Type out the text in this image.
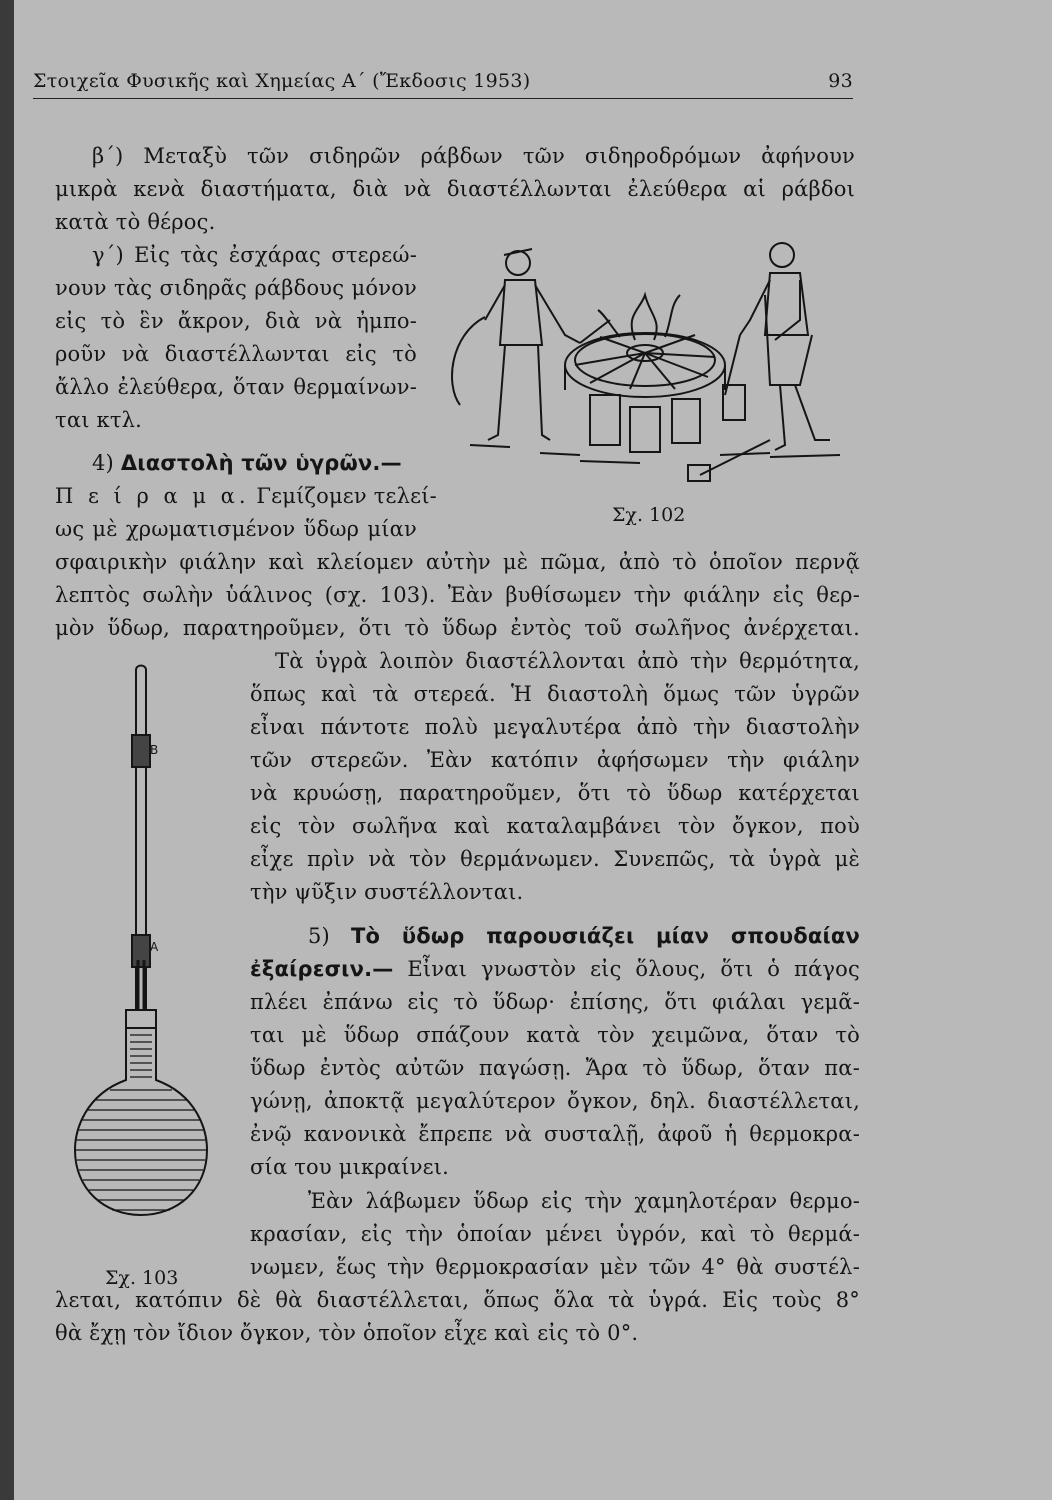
Στοιχεῖα Φυσικῆς καὶ Χημείας Α΄ (Ἔκδοσις 1953)	93
β΄) Μεταξὺ τῶν σιδηρῶν ράβδων τῶν σιδηροδρόμων ἀφήνουν
μικρὰ κενὰ διαστήματα, διὰ νὰ διαστέλλωνται ἐλεύθερα αἱ ράβδοι
κατὰ τὸ θέρος.
γ΄) Εἰς τὰς ἐσχάρας στερεώ-
νουν τὰς σιδηρᾶς ράβδους μόνον
εἰς τὸ ἓν ἄκρον, διὰ νὰ ἠμπο-
ροῦν νὰ διαστέλλωνται εἰς τὸ
ἄλλο ἐλεύθερα, ὅταν θερμαίνων-
ται κτλ.
4) Διαστολὴ τῶν ὑγρῶν.—
Π ε ί ρ α μ α. Γεμίζομεν τελεί-
ως μὲ χρωματισμένον ὕδωρ μίαν
σφαιρικὴν φιάλην καὶ κλείομεν αὐτὴν μὲ πῶμα, ἀπὸ τὸ ὁποῖον περνᾷ
λεπτὸς σωλὴν ὑάλινος (σχ. 103). Ἐὰν βυθίσωμεν τὴν φιάλην εἰς θερ-
μὸν ὕδωρ, παρατηροῦμεν, ὅτι τὸ ὕδωρ ἐντὸς τοῦ σωλῆνος ἀνέρχεται.
Τὰ ὑγρὰ λοιπὸν διαστέλλονται ἀπὸ τὴν θερμότητα,
ὅπως καὶ τὰ στερεά. Ἡ διαστολὴ ὅμως τῶν ὑγρῶν
εἶναι πάντοτε πολὺ μεγαλυτέρα ἀπὸ τὴν διαστολὴν
τῶν στερεῶν. Ἐὰν κατόπιν ἀφήσωμεν τὴν φιάλην
νὰ κρυώσῃ, παρατηροῦμεν, ὅτι τὸ ὕδωρ κατέρχεται
εἰς τὸν σωλῆνα καὶ καταλαμβάνει τὸν ὄγκον, ποὺ
εἶχε πρὶν νὰ τὸν θερμάνωμεν. Συνεπῶς, τὰ ὑγρὰ μὲ
τὴν ψῦξιν συστέλλονται.
5) Τὸ ὕδωρ παρουσιάζει μίαν σπουδαίαν
ἐξαίρεσιν.— Εἶναι γνωστὸν εἰς ὅλους, ὅτι ὁ πάγος
πλέει ἐπάνω εἰς τὸ ὕδωρ· ἐπίσης, ὅτι φιάλαι γεμᾶ-
ται μὲ ὕδωρ σπάζουν κατὰ τὸν χειμῶνα, ὅταν τὸ
ὕδωρ ἐντὸς αὐτῶν παγώσῃ. Ἄρα τὸ ὕδωρ, ὅταν πα-
γώνῃ, ἀποκτᾷ μεγαλύτερον ὄγκον, δηλ. διαστέλλεται,
ἐνῷ κανονικὰ ἔπρεπε νὰ συσταλῇ, ἀφοῦ ἡ θερμοκρα-
σία του μικραίνει.
Ἐὰν λάβωμεν ὕδωρ εἰς τὴν χαμηλοτέραν θερμο-
κρασίαν, εἰς τὴν ὁποίαν μένει ὑγρόν, καὶ τὸ θερμά-
νωμεν, ἕως τὴν θερμοκρασίαν μὲν τῶν 4° θὰ συστέλ-
λεται, κατόπιν δὲ θὰ διαστέλλεται, ὅπως ὅλα τὰ ὑγρά. Εἰς τοὺς 8°
θὰ ἔχῃ τὸν ἴδιον ὄγκον, τὸν ὁποῖον εἶχε καὶ εἰς τὸ 0°.
Σχ. 102
Β
Α
Σχ. 103
